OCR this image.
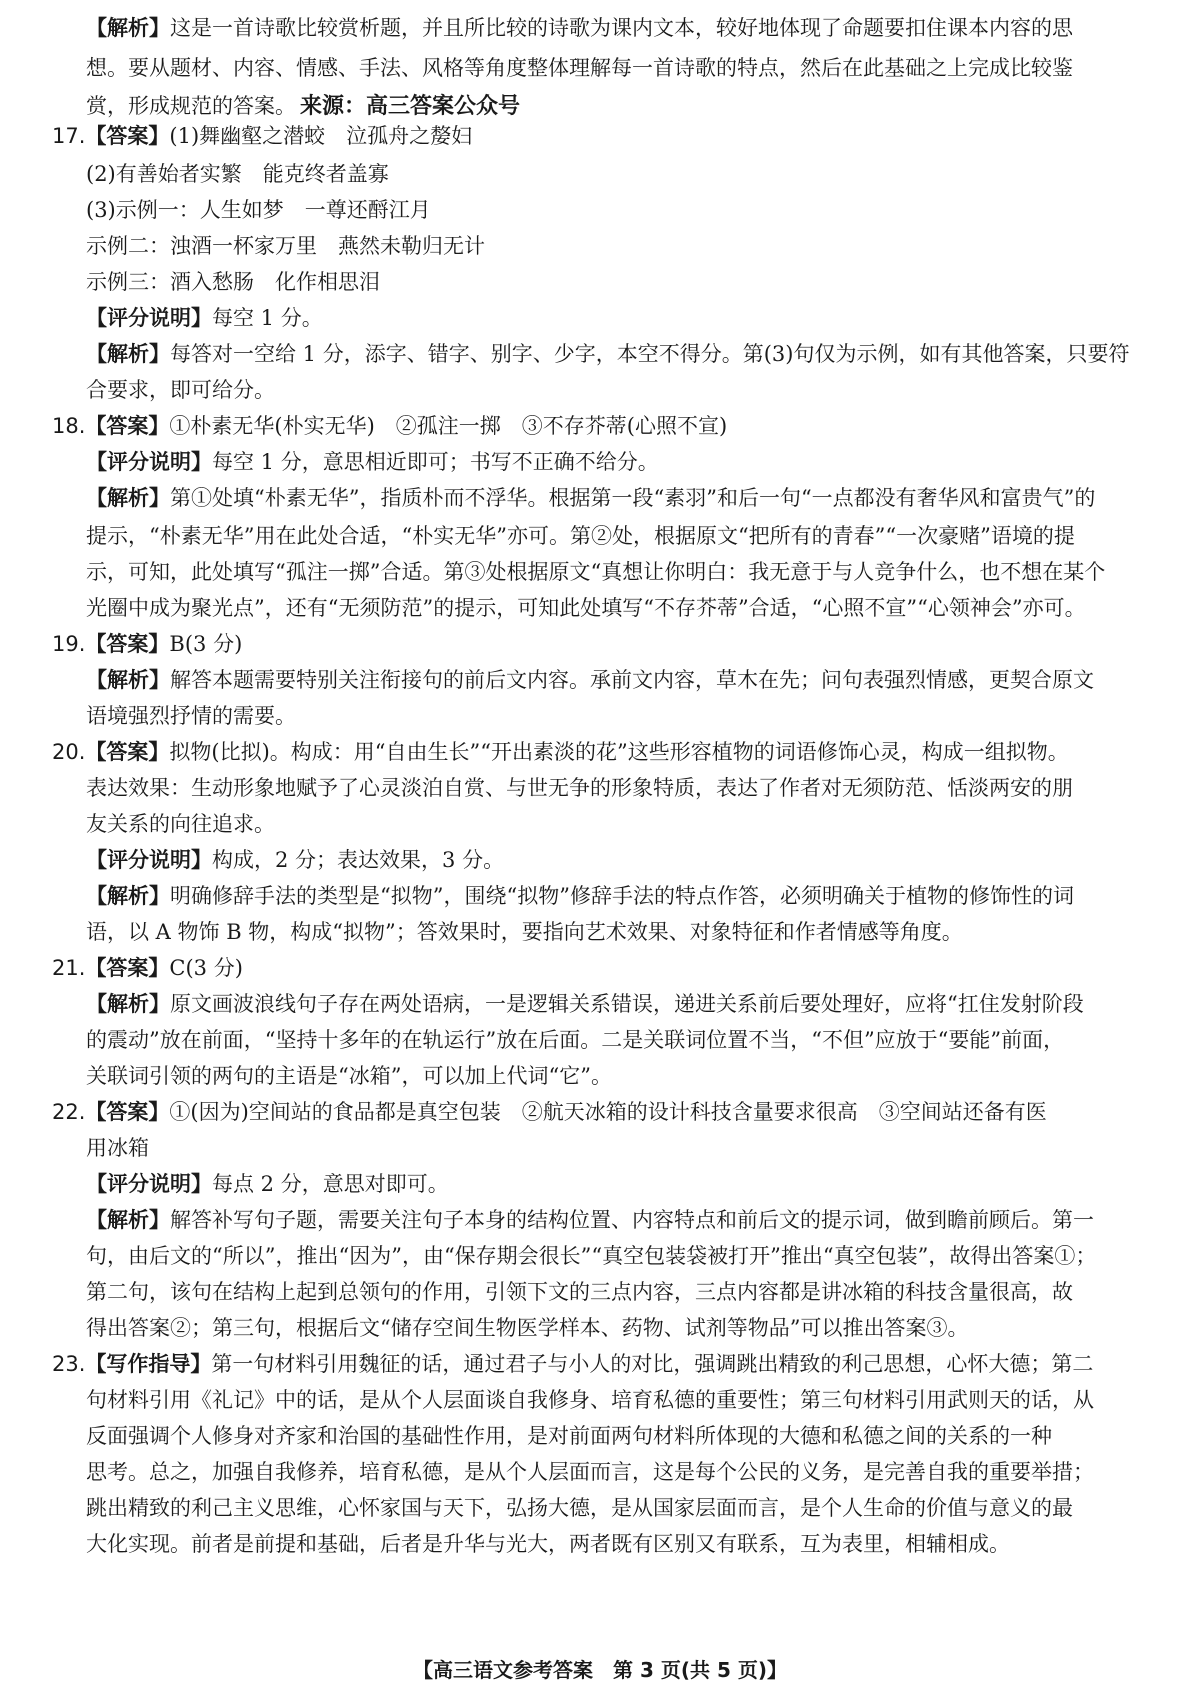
【 解析 】 这是一首诗歌比较赏析题，并且所比较的诗歌为课内文本，较好地体现了命题要扣住课本内容的思
想。要从题材、内容、情感、手法、风格等角度整体理解每一首诗歌的特点，然后在此基础之上完成比较鉴
赏，形成规范的答案。 来源：高三答案公众号
17. 【 答案 】 (1)舞幽壑之潜蛟　泣孤舟之嫠妇
(2)有善始者实繁　能克终者盖寡
(3)示例一：人生如梦　一尊还酹江月
示例二：浊酒一杯家万里　燕然未勒归无计
示例三：酒入愁肠　化作相思泪
【 评分说明 】 每空 1 分。
【 解析 】 每答对一空给 1 分，添字、错字、别字、少字，本空不得分。第(3)句仅为示例，如有其他答案，只要符
合要求，即可给分。
18. 【 答案 】 ①朴素无华(朴实无华)　②孤注一掷　③不存芥蒂(心照不宣)
【 评分说明 】 每空 1 分，意思相近即可；书写不正确不给分。
【 解析 】 第①处填“朴素无华”，指质朴而不浮华。根据第一段“素羽”和后一句“一点都没有奢华风和富贵气”的
提示，“朴素无华”用在此处合适，“朴实无华”亦可。第②处，根据原文“把所有的青春”“一次豪赌”语境的提
示，可知，此处填写“孤注一掷”合适。第③处根据原文“真想让你明白：我无意于与人竞争什么，也不想在某个
光圈中成为聚光点”，还有“无须防范”的提示，可知此处填写“不存芥蒂”合适，“心照不宣”“心领神会”亦可。
19. 【 答案 】 B(3 分)
【 解析 】 解答本题需要特别关注衔接句的前后文内容。承前文内容，草木在先；问句表强烈情感，更契合原文
语境强烈抒情的需要。
20. 【 答案 】 拟物(比拟)。构成：用“自由生长”“开出素淡的花”这些形容植物的词语修饰心灵，构成一组拟物。
表达效果：生动形象地赋予了心灵淡泊自赏、与世无争的形象特质，表达了作者对无须防范、恬淡两安的朋
友关系的向往追求。
【 评分说明 】 构成，2 分；表达效果，3 分。
【 解析 】 明确修辞手法的类型是“拟物”，围绕“拟物”修辞手法的特点作答，必须明确关于植物的修饰性的词
语，以 A 物饰 B 物，构成“拟物”；答效果时，要指向艺术效果、对象特征和作者情感等角度。
21. 【 答案 】 C(3 分)
【 解析 】 原文画波浪线句子存在两处语病，一是逻辑关系错误，递进关系前后要处理好，应将“扛住发射阶段
的震动”放在前面，“坚持十多年的在轨运行”放在后面。二是关联词位置不当，“不但”应放于“要能”前面，
关联词引领的两句的主语是“冰箱”，可以加上代词“它”。
22. 【 答案 】 ①(因为)空间站的食品都是真空包装　②航天冰箱的设计科技含量要求很高　③空间站还备有医
用冰箱
【 评分说明 】 每点 2 分，意思对即可。
【 解析 】 解答补写句子题，需要关注句子本身的结构位置、内容特点和前后文的提示词，做到瞻前顾后。第一
句，由后文的“所以”，推出“因为”，由“保存期会很长”“真空包装袋被打开”推出“真空包装”，故得出答案①；
第二句，该句在结构上起到总领句的作用，引领下文的三点内容，三点内容都是讲冰箱的科技含量很高，故
得出答案②；第三句，根据后文“储存空间生物医学样本、药物、试剂等物品”可以推出答案③。
23. 【 写作指导 】 第一句材料引用魏征的话，通过君子与小人的对比，强调跳出精致的利己思想，心怀大德；第二
句材料引用《礼记》中的话，是从个人层面谈自我修身、培育私德的重要性；第三句材料引用武则天的话，从
反面强调个人修身对齐家和治国的基础性作用，是对前面两句材料所体现的大德和私德之间的关系的一种
思考。总之，加强自我修养，培育私德，是从个人层面而言，这是每个公民的义务，是完善自我的重要举措；
跳出精致的利己主义思维，心怀家国与天下，弘扬大德，是从国家层面而言，是个人生命的价值与意义的最
大化实现。前者是前提和基础，后者是升华与光大，两者既有区别又有联系，互为表里，相辅相成。
【 高三语文参考答案　 第 3 页(共 5 页) 】
